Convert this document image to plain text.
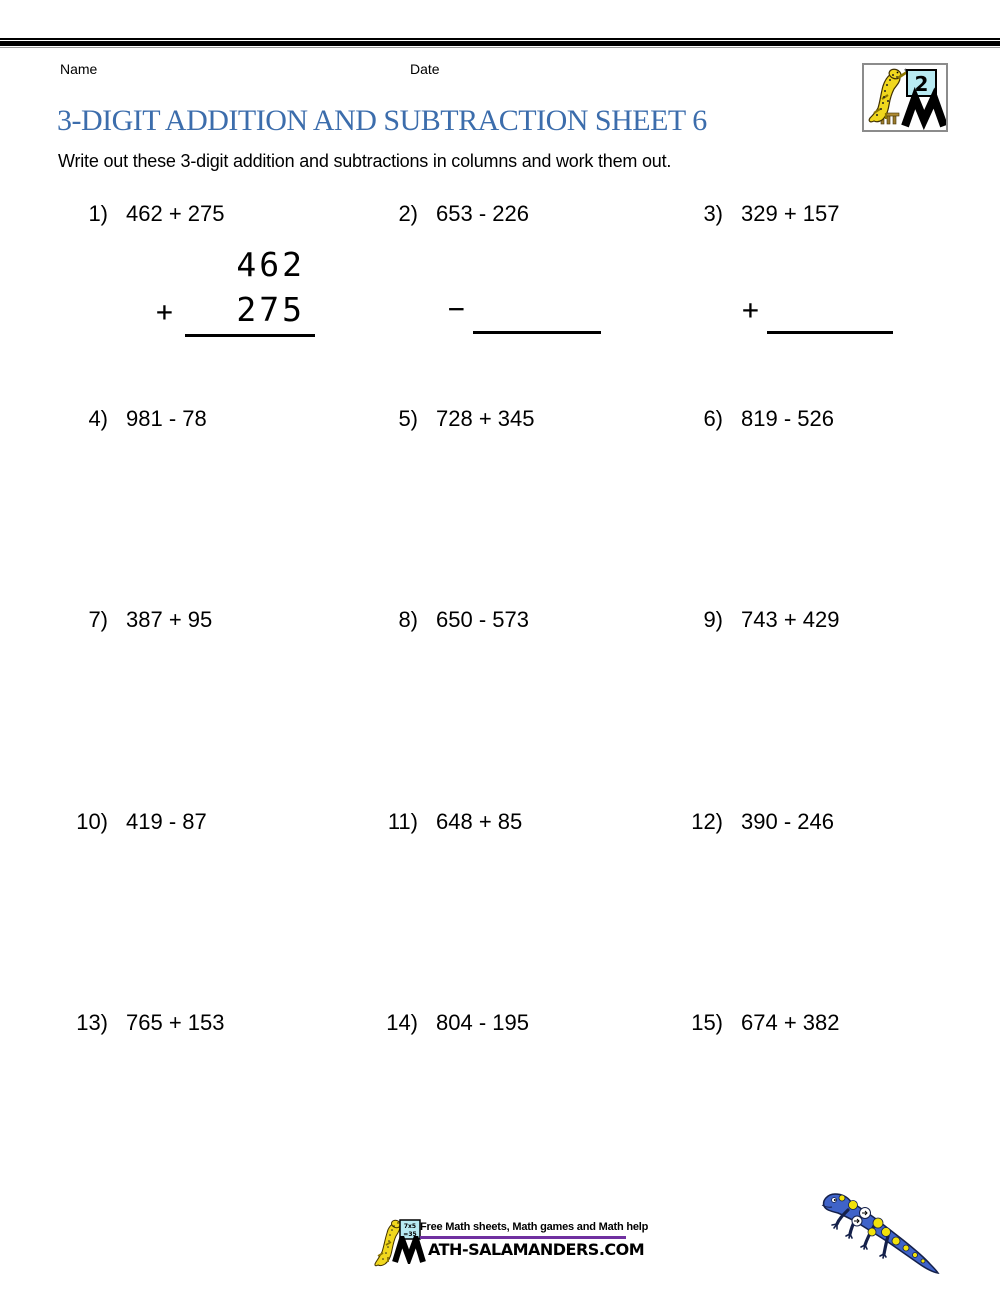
Name	Date
2
3-DIGIT ADDITION AND SUBTRACTION SHEET 6
Write out these 3-digit addition and subtractions in columns and work them out.
1) 462 + 275	2) 653 - 226	3) 329 + 157
462
275
+	−	+
4) 981 - 78	5) 728 + 345	6) 819 - 526
7) 387 + 95	8) 650 - 573	9) 743 + 429
10) 419 - 87	11) 648 + 85	12) 390 - 246
13) 765 + 153	14) 804 - 195	15) 674 + 382
7x5
=35
Free Math sheets, Math games and Math help
ATH-SALAMANDERS.COM
